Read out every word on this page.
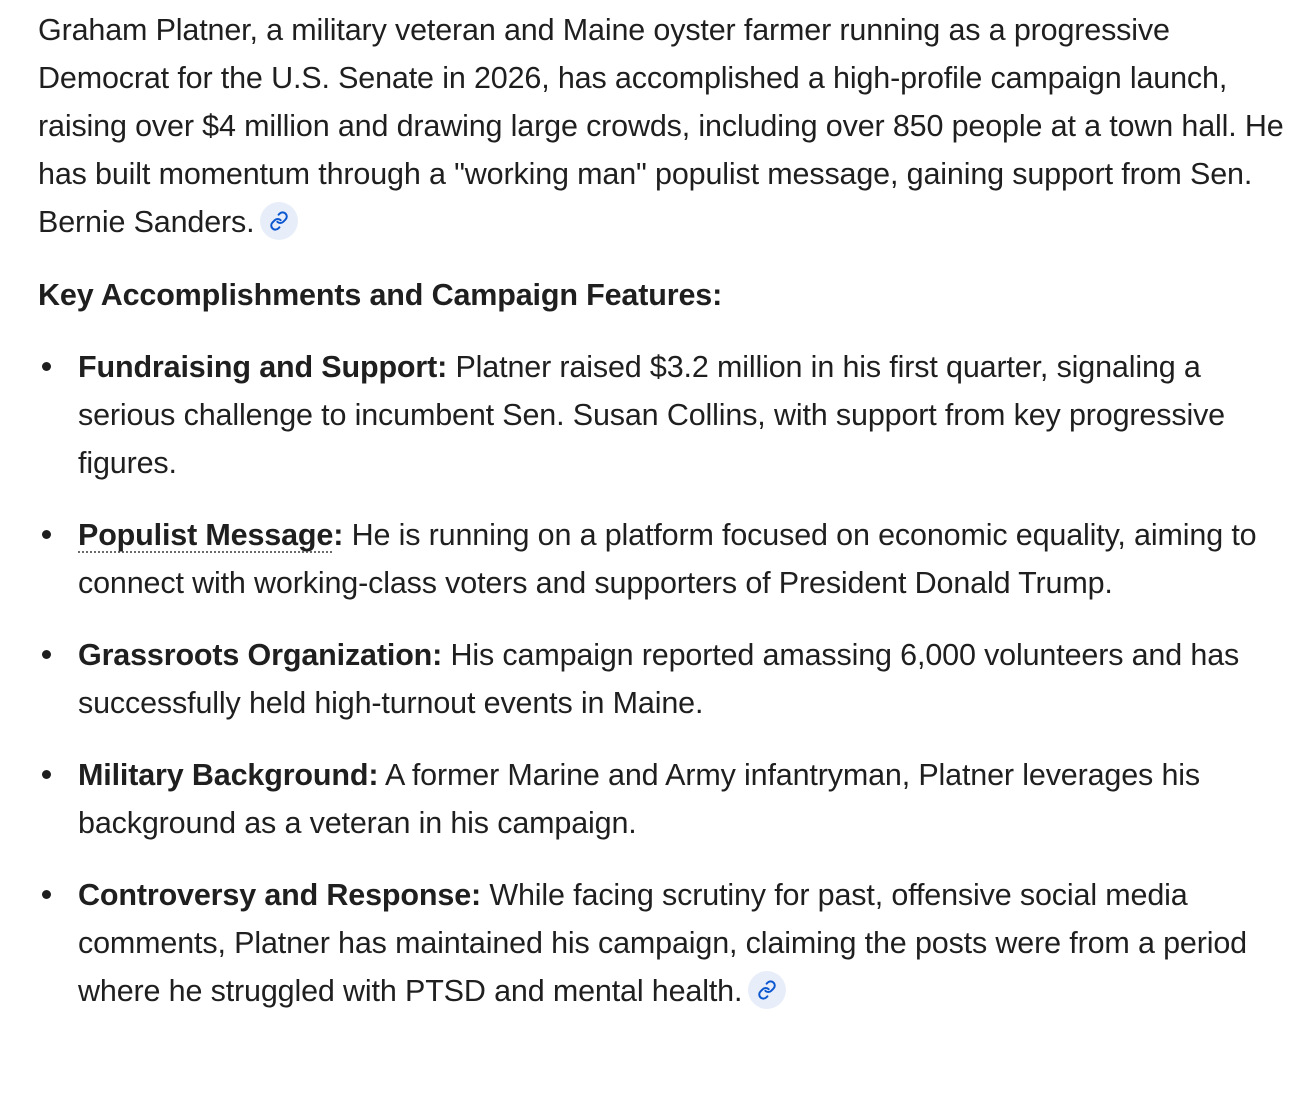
Graham Platner, a military veteran and Maine oyster farmer running as a progressive Democrat for the U.S. Senate in 2026, has accomplished a high-profile campaign launch, raising over $4 million and drawing large crowds, including over 850 people at a town hall. He has built momentum through a "working man" populist message, gaining support from Sen. Bernie Sanders.

Key Accomplishments and Campaign Features:

Fundraising and Support: Platner raised $3.2 million in his first quarter, signaling a serious challenge to incumbent Sen. Susan Collins, with support from key progressive figures.
Populist Message: He is running on a platform focused on economic equality, aiming to connect with working-class voters and supporters of President Donald Trump.
Grassroots Organization: His campaign reported amassing 6,000 volunteers and has successfully held high-turnout events in Maine.
Military Background: A former Marine and Army infantryman, Platner leverages his background as a veteran in his campaign.
Controversy and Response: While facing scrutiny for past, offensive social media comments, Platner has maintained his campaign, claiming the posts were from a period where he struggled with PTSD and mental health.
